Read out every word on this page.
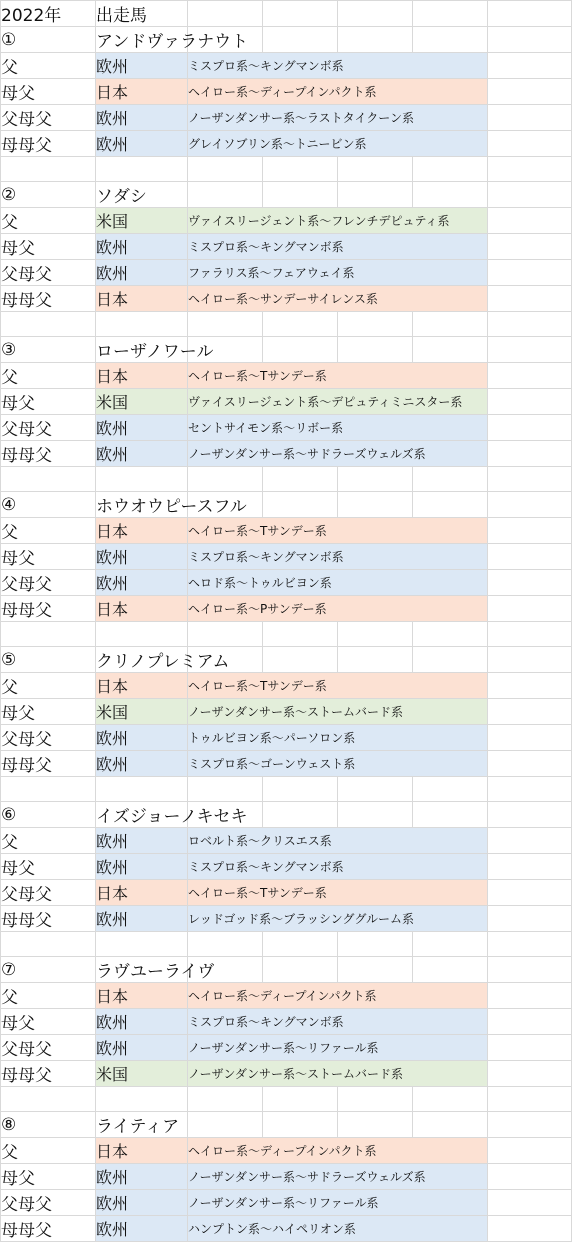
2022年	出走馬					
①	アンドヴァラナウト					
父	欧州	ミスプロ系〜キングマンボ系				
母父	日本	ヘイロー系〜ディープインパクト系				
父母父	欧州	ノーザンダンサー系〜ラストタイクーン系				
母母父	欧州	グレイソブリン系〜トニービン系				

②	ソダシ					
父	米国	ヴァイスリージェント系〜フレンチデピュティ系				
母父	欧州	ミスプロ系〜キングマンボ系				
父母父	欧州	ファラリス系〜フェアウェイ系				
母母父	日本	ヘイロー系〜サンデーサイレンス系				

③	ローザノワール					
父	日本	ヘイロー系〜Tサンデー系				
母父	米国	ヴァイスリージェント系〜デピュティミニスター系				
父母父	欧州	セントサイモン系〜リボー系				
母母父	欧州	ノーザンダンサー系〜サドラーズウェルズ系				

④	ホウオウピースフル					
父	日本	ヘイロー系〜Tサンデー系				
母父	欧州	ミスプロ系〜キングマンボ系				
父母父	欧州	ヘロド系〜トゥルビヨン系				
母母父	日本	ヘイロー系〜Pサンデー系				

⑤	クリノプレミアム					
父	日本	ヘイロー系〜Tサンデー系				
母父	米国	ノーザンダンサー系〜ストームバード系				
父母父	欧州	トゥルビヨン系〜パーソロン系				
母母父	欧州	ミスプロ系〜ゴーンウェスト系				

⑥	イズジョーノキセキ					
父	欧州	ロベルト系〜クリスエス系				
母父	欧州	ミスプロ系〜キングマンボ系				
父母父	日本	ヘイロー系〜Tサンデー系				
母母父	欧州	レッドゴッド系〜ブラッシンググルーム系				

⑦	ラヴユーライヴ					
父	日本	ヘイロー系〜ディープインパクト系				
母父	欧州	ミスプロ系〜キングマンボ系				
父母父	欧州	ノーザンダンサー系〜リファール系				
母母父	米国	ノーザンダンサー系〜ストームバード系				

⑧	ライティア					
父	日本	ヘイロー系〜ディープインパクト系				
母父	欧州	ノーザンダンサー系〜サドラーズウェルズ系				
父母父	欧州	ノーザンダンサー系〜リファール系				
母母父	欧州	ハンプトン系〜ハイペリオン系				
